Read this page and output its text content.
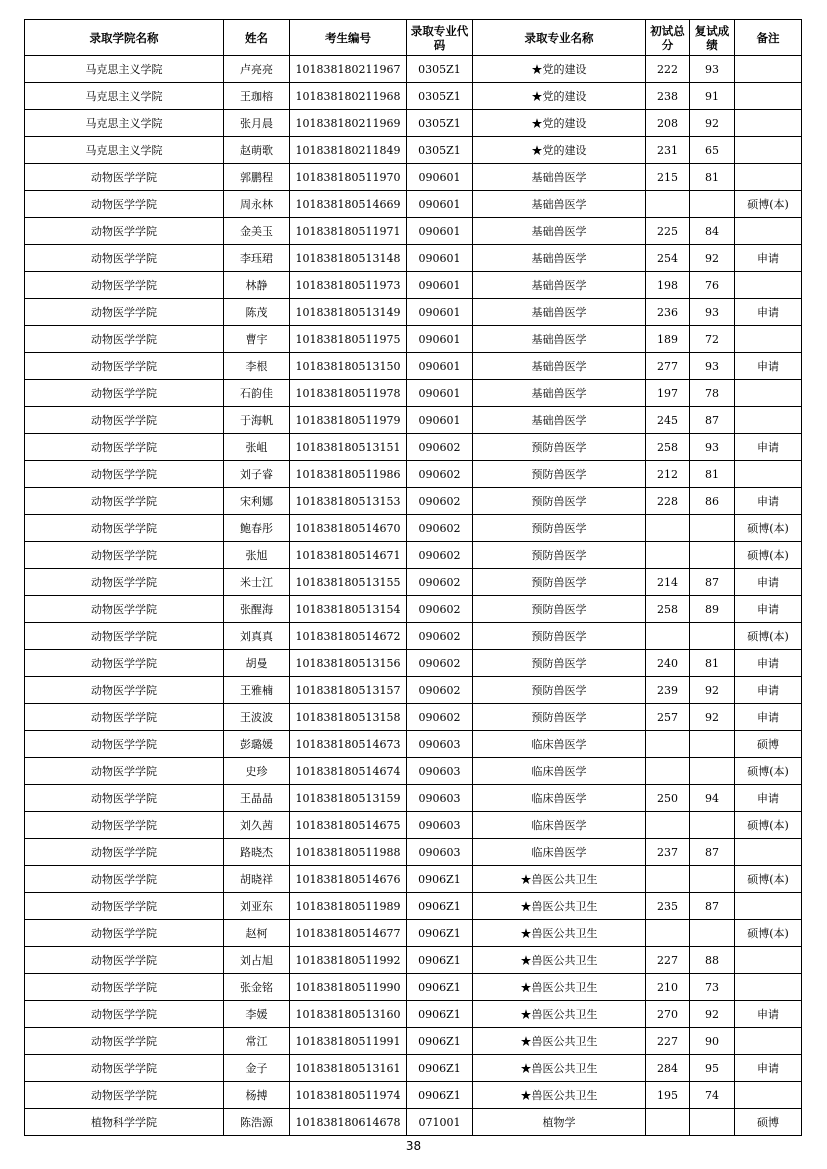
录取学院名称	姓名	考生编号	录取专业代码	录取专业名称	初试总分	复试成绩	备注
马克思主义学院	卢亮亮	101838180211967	0305Z1	★党的建设	222	93	
马克思主义学院	王珈榕	101838180211968	0305Z1	★党的建设	238	91	
马克思主义学院	张月晨	101838180211969	0305Z1	★党的建设	208	92	
马克思主义学院	赵萌歌	101838180211849	0305Z1	★党的建设	231	65	
动物医学学院	郭鹏程	101838180511970	090601	基础兽医学	215	81	
动物医学学院	周永林	101838180514669	090601	基础兽医学			硕博(本)
动物医学学院	金美玉	101838180511971	090601	基础兽医学	225	84	
动物医学学院	李珏珺	101838180513148	090601	基础兽医学	254	92	申请
动物医学学院	林静	101838180511973	090601	基础兽医学	198	76	
动物医学学院	陈茂	101838180513149	090601	基础兽医学	236	93	申请
动物医学学院	曹宇	101838180511975	090601	基础兽医学	189	72	
动物医学学院	李根	101838180513150	090601	基础兽医学	277	93	申请
动物医学学院	石韵佳	101838180511978	090601	基础兽医学	197	78	
动物医学学院	于海帆	101838180511979	090601	基础兽医学	245	87	
动物医学学院	张岨	101838180513151	090602	预防兽医学	258	93	申请
动物医学学院	刘子睿	101838180511986	090602	预防兽医学	212	81	
动物医学学院	宋利娜	101838180513153	090602	预防兽医学	228	86	申请
动物医学学院	鲍春彤	101838180514670	090602	预防兽医学			硕博(本)
动物医学学院	张旭	101838180514671	090602	预防兽医学			硕博(本)
动物医学学院	米士江	101838180513155	090602	预防兽医学	214	87	申请
动物医学学院	张醒海	101838180513154	090602	预防兽医学	258	89	申请
动物医学学院	刘真真	101838180514672	090602	预防兽医学			硕博(本)
动物医学学院	胡曼	101838180513156	090602	预防兽医学	240	81	申请
动物医学学院	王雅楠	101838180513157	090602	预防兽医学	239	92	申请
动物医学学院	王波波	101838180513158	090602	预防兽医学	257	92	申请
动物医学学院	彭璐媛	101838180514673	090603	临床兽医学			硕博
动物医学学院	史珍	101838180514674	090603	临床兽医学			硕博(本)
动物医学学院	王晶晶	101838180513159	090603	临床兽医学	250	94	申请
动物医学学院	刘久茜	101838180514675	090603	临床兽医学			硕博(本)
动物医学学院	路晓杰	101838180511988	090603	临床兽医学	237	87	
动物医学学院	胡晓祥	101838180514676	0906Z1	★兽医公共卫生			硕博(本)
动物医学学院	刘亚东	101838180511989	0906Z1	★兽医公共卫生	235	87	
动物医学学院	赵柯	101838180514677	0906Z1	★兽医公共卫生			硕博(本)
动物医学学院	刘占旭	101838180511992	0906Z1	★兽医公共卫生	227	88	
动物医学学院	张金铭	101838180511990	0906Z1	★兽医公共卫生	210	73	
动物医学学院	李媛	101838180513160	0906Z1	★兽医公共卫生	270	92	申请
动物医学学院	常江	101838180511991	0906Z1	★兽医公共卫生	227	90	
动物医学学院	金子	101838180513161	0906Z1	★兽医公共卫生	284	95	申请
动物医学学院	杨搏	101838180511974	0906Z1	★兽医公共卫生	195	74	
植物科学学院	陈浩源	101838180614678	071001	植物学			硕博
38
